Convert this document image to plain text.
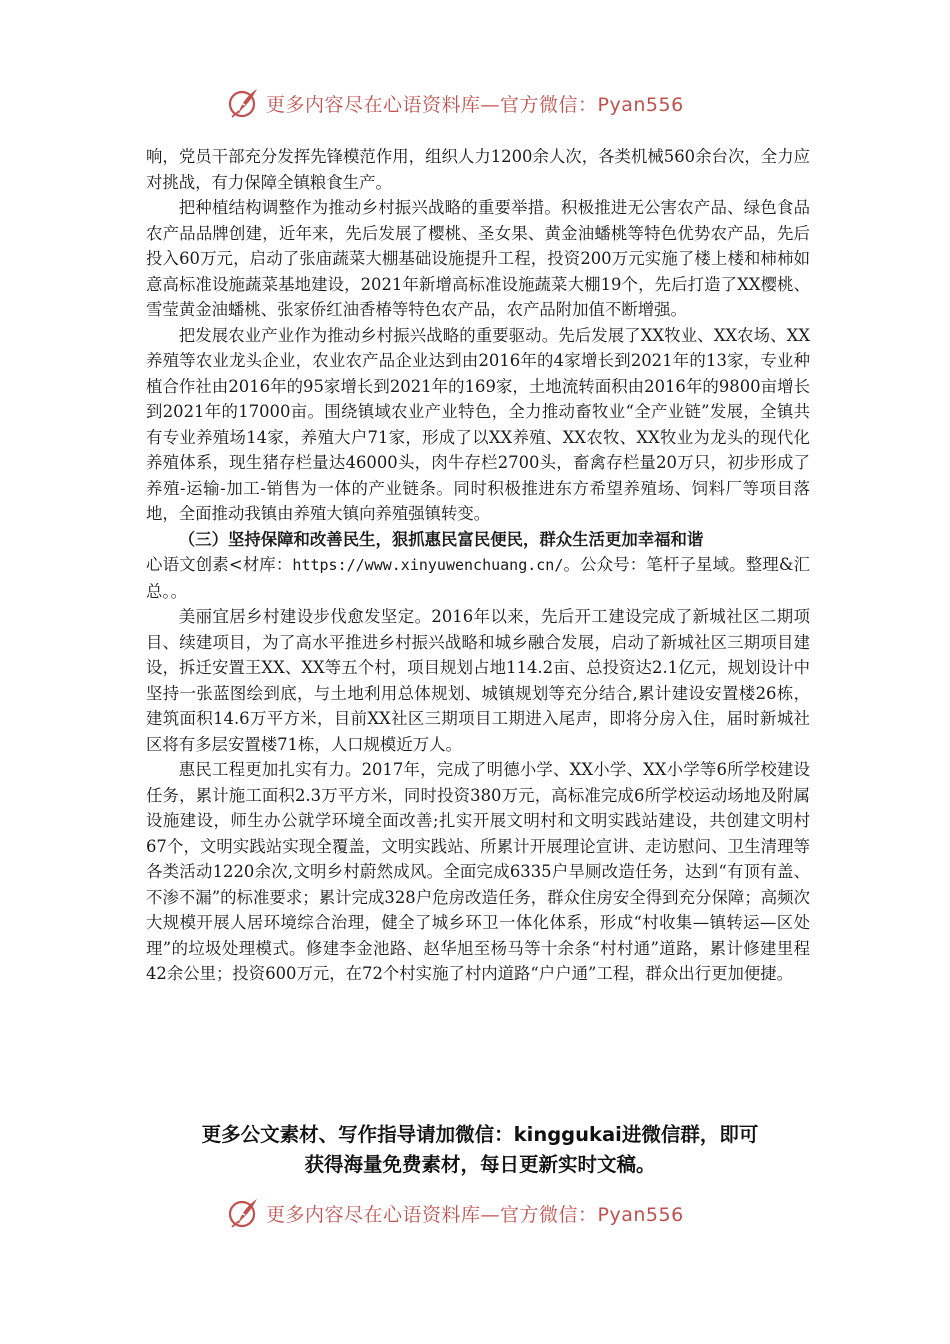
更多内容尽在心语资料库—官方微信：Pyan556

响，党员干部充分发挥先锋模范作用，组织人力1200余人次，各类机械560余台次，全力应对挑战，有力保障全镇粮食生产。

把种植结构调整作为推动乡村振兴战略的重要举措。积极推进无公害农产品、绿色食品农产品品牌创建，近年来，先后发展了樱桃、圣女果、黄金油蟠桃等特色优势农产品，先后投入60万元，启动了张庙蔬菜大棚基础设施提升工程，投资200万元实施了楼上楼和柿柿如意高标准设施蔬菜基地建设，2021年新增高标准设施蔬菜大棚19个，先后打造了XX樱桃、雪莹黄金油蟠桃、张家侨红油香椿等特色农产品，农产品附加值不断增强。

把发展农业产业作为推动乡村振兴战略的重要驱动。先后发展了XX牧业、XX农场、XX养殖等农业龙头企业，农业农产品企业达到由2016年的4家增长到2021年的13家，专业种植合作社由2016年的95家增长到2021年的169家，土地流转面积由2016年的9800亩增长到2021年的17000亩。围绕镇域农业产业特色，全力推动畜牧业“全产业链”发展，全镇共有专业养殖场14家，养殖大户71家，形成了以XX养殖、XX农牧、XX牧业为龙头的现代化养殖体系，现生猪存栏量达46000头，肉牛存栏2700头，畜禽存栏量20万只，初步形成了养殖-运输-加工-销售为一体的产业链条。同时积极推进东方希望养殖场、饲料厂等项目落地，全面推动我镇由养殖大镇向养殖强镇转变。

（三）坚持保障和改善民生，狠抓惠民富民便民，群众生活更加幸福和谐

心语文创素<材库：https://www.xinyuwenchuang.cn/。公众号：笔杆子星域。整理&汇总。。

美丽宜居乡村建设步伐愈发坚定。2016年以来，先后开工建设完成了新城社区二期项目、续建项目，为了高水平推进乡村振兴战略和城乡融合发展，启动了新城社区三期项目建设，拆迁安置王XX、XX等五个村，项目规划占地114.2亩、总投资达2.1亿元，规划设计中坚持一张蓝图绘到底，与土地利用总体规划、城镇规划等充分结合,累计建设安置楼26栋，建筑面积14.6万平方米，目前XX社区三期项目工期进入尾声，即将分房入住，届时新城社区将有多层安置楼71栋，人口规模近万人。

惠民工程更加扎实有力。2017年，完成了明德小学、XX小学、XX小学等6所学校建设任务，累计施工面积2.3万平方米，同时投资380万元，高标准完成6所学校运动场地及附属设施建设，师生办公就学环境全面改善;扎实开展文明村和文明实践站建设，共创建文明村67个，文明实践站实现全覆盖，文明实践站、所累计开展理论宣讲、走访慰问、卫生清理等各类活动1220余次,文明乡村蔚然成风。全面完成6335户旱厕改造任务，达到“有顶有盖、不渗不漏”的标准要求；累计完成328户危房改造任务，群众住房安全得到充分保障；高频次大规模开展人居环境综合治理，健全了城乡环卫一体化体系，形成“村收集—镇转运—区处理”的垃圾处理模式。修建李金池路、赵华旭至杨马等十余条“村村通”道路，累计修建里程42余公里；投资600万元，在72个村实施了村内道路“户户通”工程，群众出行更加便捷。

更多公文素材、写作指导请加微信：kinggukai进微信群，即可
获得海量免费素材，每日更新实时文稿。
更多内容尽在心语资料库—官方微信：Pyan556
